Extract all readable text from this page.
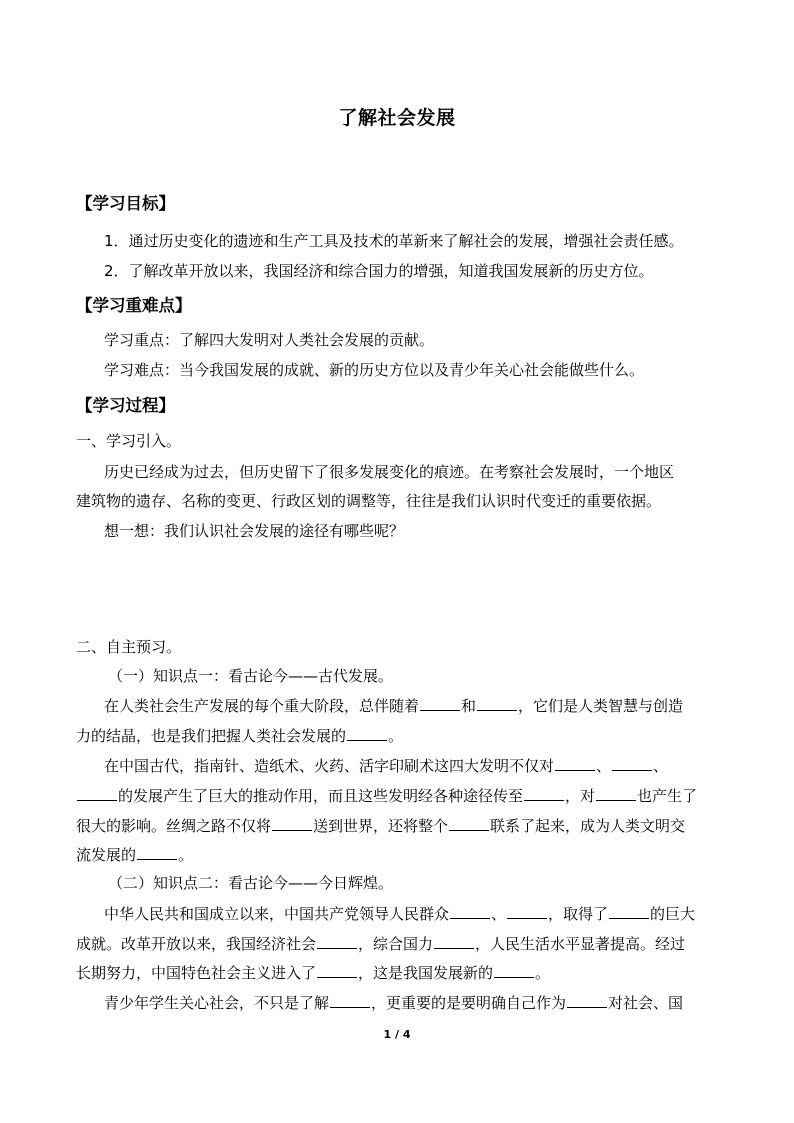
了解社会发展
【学习目标】
1．通过历史变化的遗迹和生产工具及技术的革新来了解社会的发展，增强社会责任感。
2．了解改革开放以来，我国经济和综合国力的增强，知道我国发展新的历史方位。
【学习重难点】
学习重点：了解四大发明对人类社会发展的贡献。
学习难点：当今我国发展的成就、新的历史方位以及青少年关心社会能做些什么。
【学习过程】
一、学习引入。
历史已经成为过去，但历史留下了很多发展变化的痕迹。在考察社会发展时，一个地区
建筑物的遗存、名称的变更、行政区划的调整等，往往是我们认识时代变迁的重要依据。
想一想：我们认识社会发展的途径有哪些呢？
二、自主预习。
（一）知识点一：看古论今——古代发展。
在人类社会生产发展的每个重大阶段，总伴随着	和	，它们是人类智慧与创造
力的结晶，也是我们把握人类社会发展的	。
在中国古代，指南针、造纸术、火药、活字印刷术这四大发明不仅对	、	、
的发展产生了巨大的推动作用，而且这些发明经各种途径传至	，对	也产生了
很大的影响。丝绸之路不仅将	送到世界，还将整个	联系了起来，成为人类文明交
流发展的	。
（二）知识点二：看古论今——今日辉煌。
中华人民共和国成立以来，中国共产党领导人民群众	、	，取得了	的巨大
成就。改革开放以来，我国经济社会	，综合国力	，人民生活水平显著提高。经过
长期努力，中国特色社会主义进入了	，这是我国发展新的	。
青少年学生关心社会，不只是了解	，更重要的是要明确自己作为	对社会、国
1 / 4
